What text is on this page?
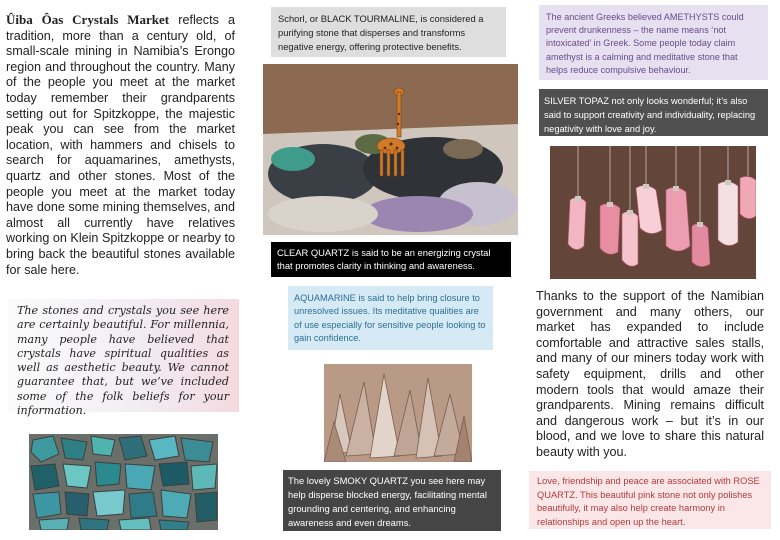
Ûiba Ôas Crystals Market reflects a tradition, more than a century old, of small-scale mining in Namibia’s Erongo region and throughout the country. Many of the people you meet at the market today remember their grandparents setting out for Spitzkoppe, the majestic peak you can see from the market location, with hammers and chisels to search for aquamarines, amethysts, quartz and other stones. Most of the people you meet at the market today have done some mining themselves, and almost all currently have relatives working on Klein Spitzkoppe or nearby to bring back the beautiful stones available for sale here.
The stones and crystals you see here are certainly beautiful. For millennia, many people have believed that crystals have spiritual qualities as well as aesthetic beauty. We cannot guarantee that, but we’ve included some of the folk beliefs for your information.
Schorl, or BLACK TOURMALINE, is considered a purifying stone that disperses and transforms negative energy, offering protective benefits.
CLEAR QUARTZ is said to be an energizing crystal that promotes clarity in thinking and awareness.
AQUAMARINE is said to help bring closure to unresolved issues. Its meditative qualities are of use especially for sensitive people looking to gain confidence.
The lovely SMOKY QUARTZ you see here may help disperse blocked energy, facilitating mental grounding and centering, and enhancing awareness and even dreams.
The ancient Greeks believed AMETHYSTS could prevent drunkenness – the name means ‘not intoxicated’ in Greek. Some people today claim amethyst is a calming and meditative stone that helps reduce compulsive behaviour.
SILVER TOPAZ not only looks wonderful; it’s also said to support creativity and individuality, replacing negativity with love and joy.
Thanks to the support of the Namibian government and many others, our market has expanded to include comfortable and attractive sales stalls, and many of our miners today work with safety equipment, drills and other modern tools that would amaze their grandparents. Mining remains difficult and dangerous work – but it’s in our blood, and we love to share this natural beauty with you.
Love, friendship and peace are associated with ROSE QUARTZ. This beautiful pink stone not only polishes beautifully, it may also help create harmony in relationships and open up the heart.
